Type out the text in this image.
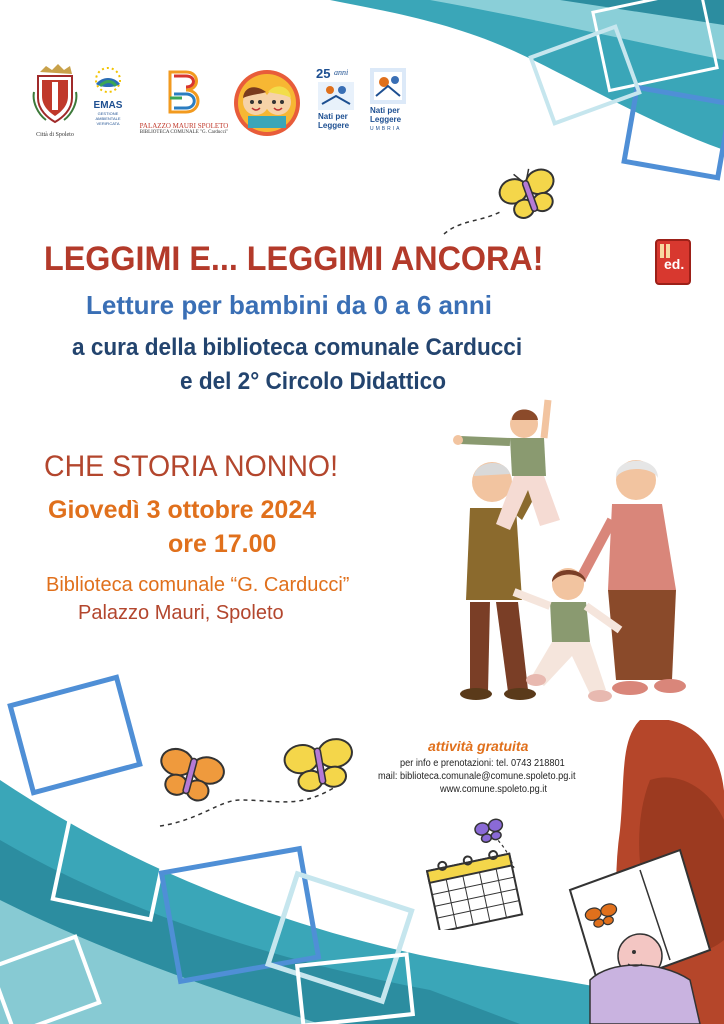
Città di Spoleto
EMAS
GESTIONE AMBIENTALE VERIFICATA	PALAZZO MAURI SPOLETO
BIBLIOTECA COMUNALE "G. Carducci"
25 anni
Nati per
Leggere
Nati per
Leggere
UMBRIA
LEGGIMI E... LEGGIMI ANCORA!	ed.
Letture per bambini da 0 a 6 anni
a cura della biblioteca comunale Carducci
e del 2° Circolo Didattico
CHE STORIA NONNO!
Giovedì 3 ottobre 2024
ore 17.00
Biblioteca comunale “G. Carducci”
Palazzo Mauri, Spoleto
attività gratuita
per info e prenotazioni: tel. 0743 218801
mail: biblioteca.comunale@comune.spoleto.pg.it
www.comune.spoleto.pg.it
